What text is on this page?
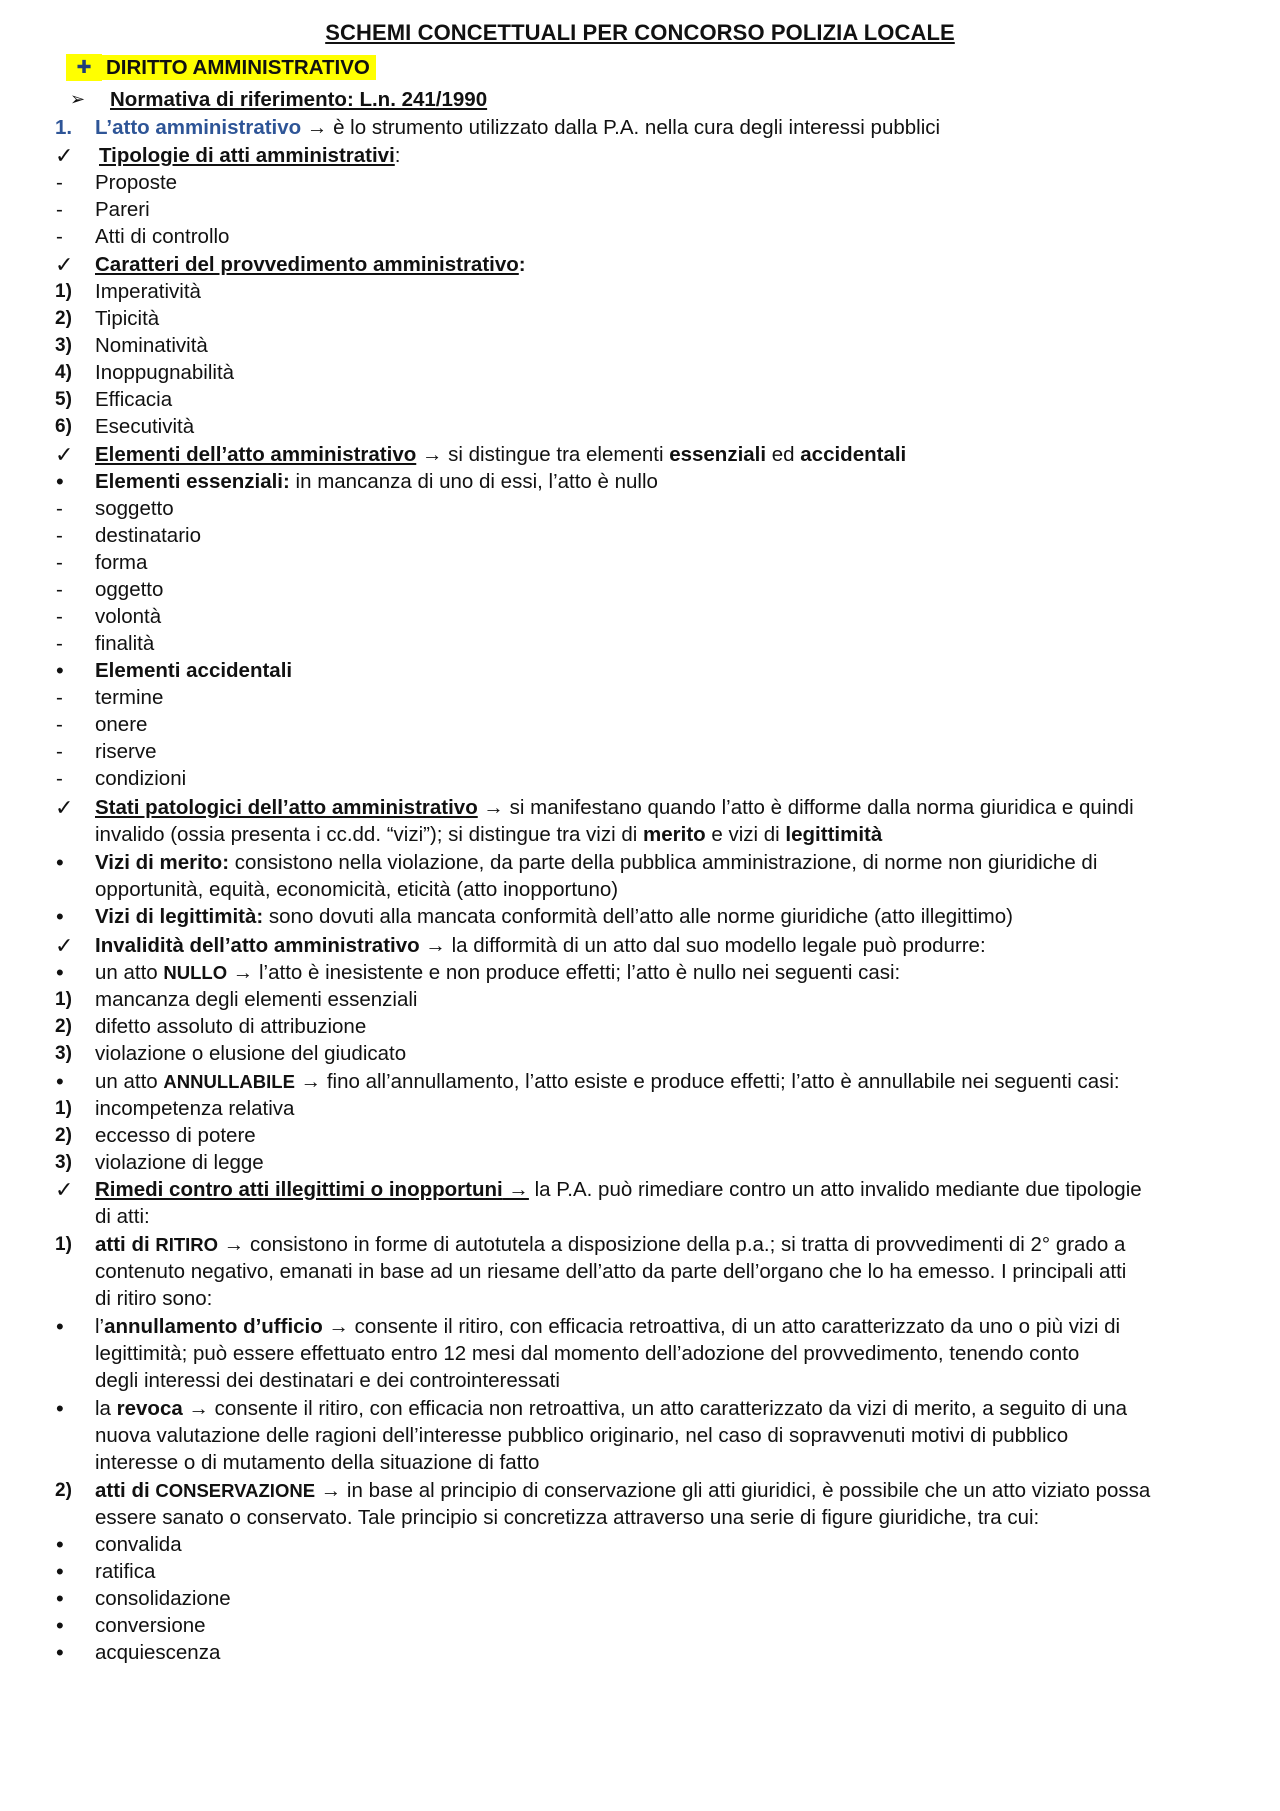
SCHEMI CONCETTUALI PER CONCORSO POLIZIA LOCALE
✚ DIRITTO AMMINISTRATIVO
➢ Normativa di riferimento: L.n. 241/1990
1.	L’atto amministrativo → è lo strumento utilizzato dalla P.A. nella cura degli interessi pubblici
✓	Tipologie di atti amministrativi:
-	Proposte
-	Pareri
-	Atti di controllo
✓	Caratteri del provvedimento amministrativo:
1)	Imperatività
2)	Tipicità
3)	Nominatività
4)	Inoppugnabilità
5)	Efficacia
6)	Esecutività
✓	Elementi dell’atto amministrativo → si distingue tra elementi essenziali ed accidentali
•	Elementi essenziali: in mancanza di uno di essi, l’atto è nullo
-	soggetto
-	destinatario
-	forma
-	oggetto
-	volontà
-	finalità
•	Elementi accidentali
-	termine
-	onere
-	riserve
-	condizioni
✓	Stati patologici dell’atto amministrativo → si manifestano quando l’atto è difforme dalla norma giuridica e quindi
invalido (ossia presenta i cc.dd. “vizi”); si distingue tra vizi di merito e vizi di legittimità
•	Vizi di merito: consistono nella violazione, da parte della pubblica amministrazione, di norme non giuridiche di
opportunità, equità, economicità, eticità (atto inopportuno)
•	Vizi di legittimità: sono dovuti alla mancata conformità dell’atto alle norme giuridiche (atto illegittimo)
✓	Invalidità dell’atto amministrativo → la difformità di un atto dal suo modello legale può produrre:
•	un atto NULLO → l’atto è inesistente e non produce effetti; l’atto è nullo nei seguenti casi:
1)	mancanza degli elementi essenziali
2)	difetto assoluto di attribuzione
3)	violazione o elusione del giudicato
•	un atto ANNULLABILE → fino all’annullamento, l’atto esiste e produce effetti; l’atto è annullabile nei seguenti casi:
1)	incompetenza relativa
2)	eccesso di potere
3)	violazione di legge
✓	Rimedi contro atti illegittimi o inopportuni → la P.A. può rimediare contro un atto invalido mediante due tipologie
di atti:
1)	atti di RITIRO → consistono in forme di autotutela a disposizione della p.a.; si tratta di provvedimenti di 2° grado a
contenuto negativo, emanati in base ad un riesame dell’atto da parte dell’organo che lo ha emesso. I principali atti
di ritiro sono:
•	l’annullamento d’ufficio → consente il ritiro, con efficacia retroattiva, di un atto caratterizzato da uno o più vizi di
legittimità; può essere effettuato entro 12 mesi dal momento dell’adozione del provvedimento, tenendo conto
degli interessi dei destinatari e dei controinteressati
•	la revoca → consente il ritiro, con efficacia non retroattiva, un atto caratterizzato da vizi di merito, a seguito di una
nuova valutazione delle ragioni dell’interesse pubblico originario, nel caso di sopravvenuti motivi di pubblico
interesse o di mutamento della situazione di fatto
2)	atti di CONSERVAZIONE → in base al principio di conservazione gli atti giuridici, è possibile che un atto viziato possa
essere sanato o conservato. Tale principio si concretizza attraverso una serie di figure giuridiche, tra cui:
•	convalida
•	ratifica
•	consolidazione
•	conversione
•	acquiescenza
